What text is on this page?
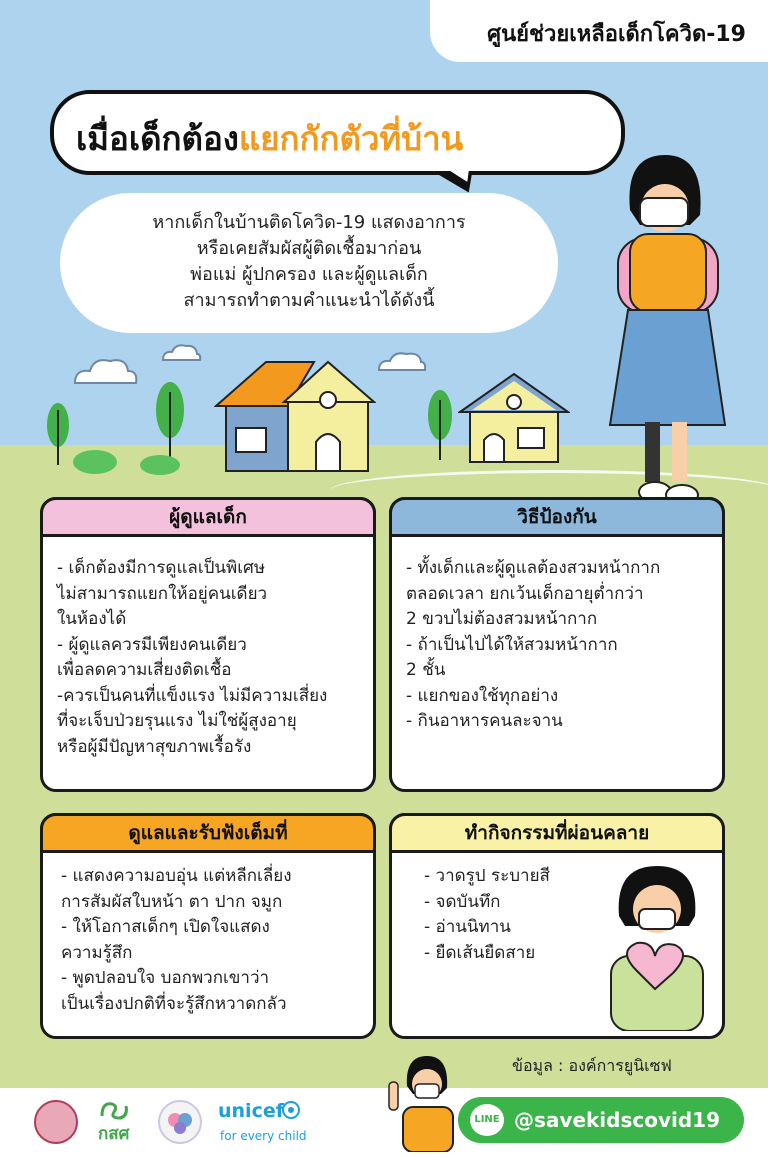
ศูนย์ช่วยเหลือเด็กโควิด-19
เมื่อเด็กต้องแยกกักตัวที่บ้าน
หากเด็กในบ้านติดโควิด-19 แสดงอาการ
หรือเคยสัมผัสผู้ติดเชื้อมาก่อน
พ่อแม่ ผู้ปกครอง และผู้ดูแลเด็ก
สามารถทำตามคำแนะนำได้ดังนี้
ผู้ดูแลเด็ก
- เด็กต้องมีการดูแลเป็นพิเศษ
ไม่สามารถแยกให้อยู่คนเดียว
ในห้องได้
- ผู้ดูแลควรมีเพียงคนเดียว
เพื่อลดความเสี่ยงติดเชื้อ
-ควรเป็นคนที่แข็งแรง ไม่มีความเสี่ยง
ที่จะเจ็บป่วยรุนแรง ไม่ใช่ผู้สูงอายุ
หรือผู้มีปัญหาสุขภาพเรื้อรัง
วิธีป้องกัน
- ทั้งเด็กและผู้ดูแลต้องสวมหน้ากาก
ตลอดเวลา ยกเว้นเด็กอายุต่ำกว่า
2 ขวบไม่ต้องสวมหน้ากาก
- ถ้าเป็นไปได้ให้สวมหน้ากาก
2 ชั้น
- แยกของใช้ทุกอย่าง
- กินอาหารคนละจาน
ดูแลและรับฟังเต็มที่
- แสดงความอบอุ่น แต่หลีกเลี่ยง
การสัมผัสใบหน้า ตา ปาก จมูก
- ให้โอกาสเด็กๆ เปิดใจแสดง
ความรู้สึก
- พูดปลอบใจ บอกพวกเขาว่า
เป็นเรื่องปกติที่จะรู้สึกหวาดกลัว
ทำกิจกรรมที่ผ่อนคลาย
- วาดรูป ระบายสี
- จดบันทึก
- อ่านนิทาน
- ยืดเส้นยืดสาย
ข้อมูล : องค์การยูนิเซฟ
กสศ
unicef
for every child
LINE @savekidscovid19
